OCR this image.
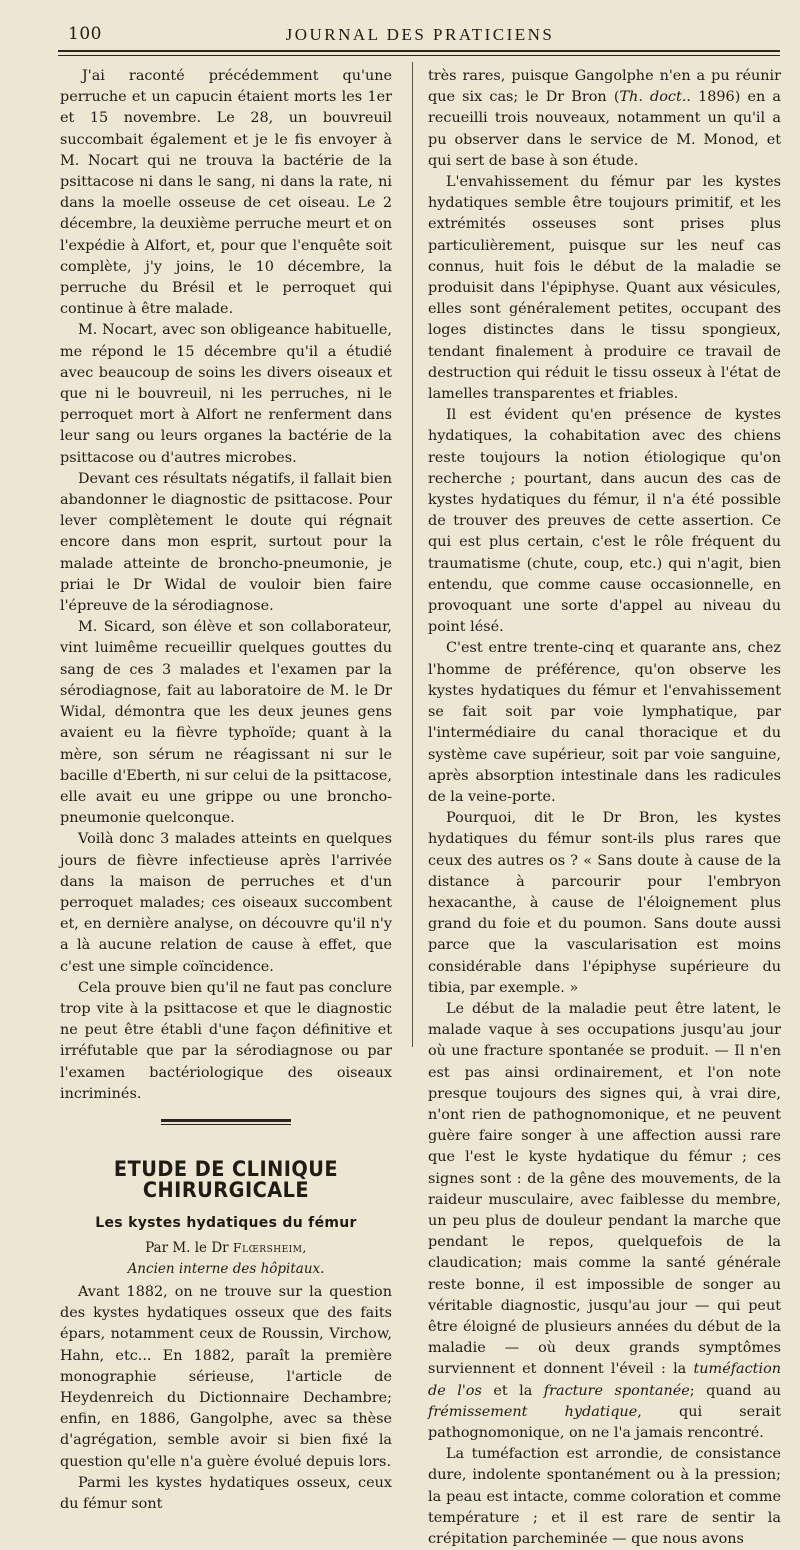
100	JOURNAL DES PRATICIENS

J'ai raconté précédemment qu'une perruche et un capucin étaient morts les 1er et 15 novembre. Le 28, un bouvreuil succombait également et je le fis envoyer à M. Nocart qui ne trouva la bactérie de la psittacose ni dans le sang, ni dans la rate, ni dans la moelle osseuse de cet oiseau. Le 2 décembre, la deuxième perruche meurt et on l'expédie à Alfort, et, pour que l'enquête soit complète, j'y joins, le 10 décembre, la perruche du Brésil et le perroquet qui continue à être malade.

M. Nocart, avec son obligeance habituelle, me répond le 15 décembre qu'il a étudié avec beaucoup de soins les divers oiseaux et que ni le bouvreuil, ni les perruches, ni le perroquet mort à Alfort ne renferment dans leur sang ou leurs organes la bactérie de la psittacose ou d'autres microbes.

Devant ces résultats négatifs, il fallait bien abandonner le diagnostic de psittacose. Pour lever complètement le doute qui régnait encore dans mon esprit, surtout pour la malade atteinte de broncho-pneumonie, je priai le Dr Widal de vouloir bien faire l'épreuve de la sérodiagnose.

M. Sicard, son élève et son collaborateur, vint luimême recueillir quelques gouttes du sang de ces 3 malades et l'examen par la sérodiagnose, fait au laboratoire de M. le Dr Widal, démontra que les deux jeunes gens avaient eu la fièvre typhoïde; quant à la mère, son sérum ne réagissant ni sur le bacille d'Eberth, ni sur celui de la psittacose, elle avait eu une grippe ou une broncho-pneumonie quelconque.

Voilà donc 3 malades atteints en quelques jours de fièvre infectieuse après l'arrivée dans la maison de perruches et d'un perroquet malades; ces oiseaux succombent et, en dernière analyse, on découvre qu'il n'y a là aucune relation de cause à effet, que c'est une simple coïncidence.

Cela prouve bien qu'il ne faut pas conclure trop vite à la psittacose et que le diagnostic ne peut être établi d'une façon définitive et irréfutable que par la sérodiagnose ou par l'examen bactériologique des oiseaux incriminés.

ETUDE DE CLINIQUE CHIRURGICALE
Les kystes hydatiques du fémur
Par M. le Dr Flœrsheim,
Ancien interne des hôpitaux.

Avant 1882, on ne trouve sur la question des kystes hydatiques osseux que des faits épars, notamment ceux de Roussin, Virchow, Hahn, etc... En 1882, paraît la première monographie sérieuse, l'article de Heydenreich du Dictionnaire Dechambre; enfin, en 1886, Gangolphe, avec sa thèse d'agrégation, semble avoir si bien fixé la question qu'elle n'a guère évolué depuis lors.

Parmi les kystes hydatiques osseux, ceux du fémur sont

très rares, puisque Gangolphe n'en a pu réunir que six cas; le Dr Bron (Th. doct.. 1896) en a recueilli trois nouveaux, notamment un qu'il a pu observer dans le service de M. Monod, et qui sert de base à son étude.

L'envahissement du fémur par les kystes hydatiques semble être toujours primitif, et les extrémités osseuses sont prises plus particulièrement, puisque sur les neuf cas connus, huit fois le début de la maladie se produisit dans l'épiphyse. Quant aux vésicules, elles sont généralement petites, occupant des loges distinctes dans le tissu spongieux, tendant finalement à produire ce travail de destruction qui réduit le tissu osseux à l'état de lamelles transparentes et friables.

Il est évident qu'en présence de kystes hydatiques, la cohabitation avec des chiens reste toujours la notion étiologique qu'on recherche ; pourtant, dans aucun des cas de kystes hydatiques du fémur, il n'a été possible de trouver des preuves de cette assertion. Ce qui est plus certain, c'est le rôle fréquent du traumatisme (chute, coup, etc.) qui n'agit, bien entendu, que comme cause occasionnelle, en provoquant une sorte d'appel au niveau du point lésé.

C'est entre trente-cinq et quarante ans, chez l'homme de préférence, qu'on observe les kystes hydatiques du fémur et l'envahissement se fait soit par voie lymphatique, par l'intermédiaire du canal thoracique et du système cave supérieur, soit par voie sanguine, après absorption intestinale dans les radicules de la veine-porte.

Pourquoi, dit le Dr Bron, les kystes hydatiques du fémur sont-ils plus rares que ceux des autres os ? « Sans doute à cause de la distance à parcourir pour l'embryon hexacanthe, à cause de l'éloignement plus grand du foie et du poumon. Sans doute aussi parce que la vascularisation est moins considérable dans l'épiphyse supérieure du tibia, par exemple. »

Le début de la maladie peut être latent, le malade vaque à ses occupations jusqu'au jour où une fracture spontanée se produit. — Il n'en est pas ainsi ordinairement, et l'on note presque toujours des signes qui, à vrai dire, n'ont rien de pathognomonique, et ne peuvent guère faire songer à une affection aussi rare que l'est le kyste hydatique du fémur ; ces signes sont : de la gêne des mouvements, de la raideur musculaire, avec faiblesse du membre, un peu plus de douleur pendant la marche que pendant le repos, quelquefois de la claudication; mais comme la santé générale reste bonne, il est impossible de songer au véritable diagnostic, jusqu'au jour — qui peut être éloigné de plusieurs années du début de la maladie — où deux grands symptômes surviennent et donnent l'éveil : la tuméfaction de l'os et la fracture spontanée; quand au frémissement hydatique, qui serait pathognomonique, on ne l'a jamais rencontré.

La tuméfaction est arrondie, de consistance dure, indolente spontanément ou à la pression; la peau est intacte, comme coloration et comme température ; et il est rare de sentir la crépitation parcheminée — que nous avons
